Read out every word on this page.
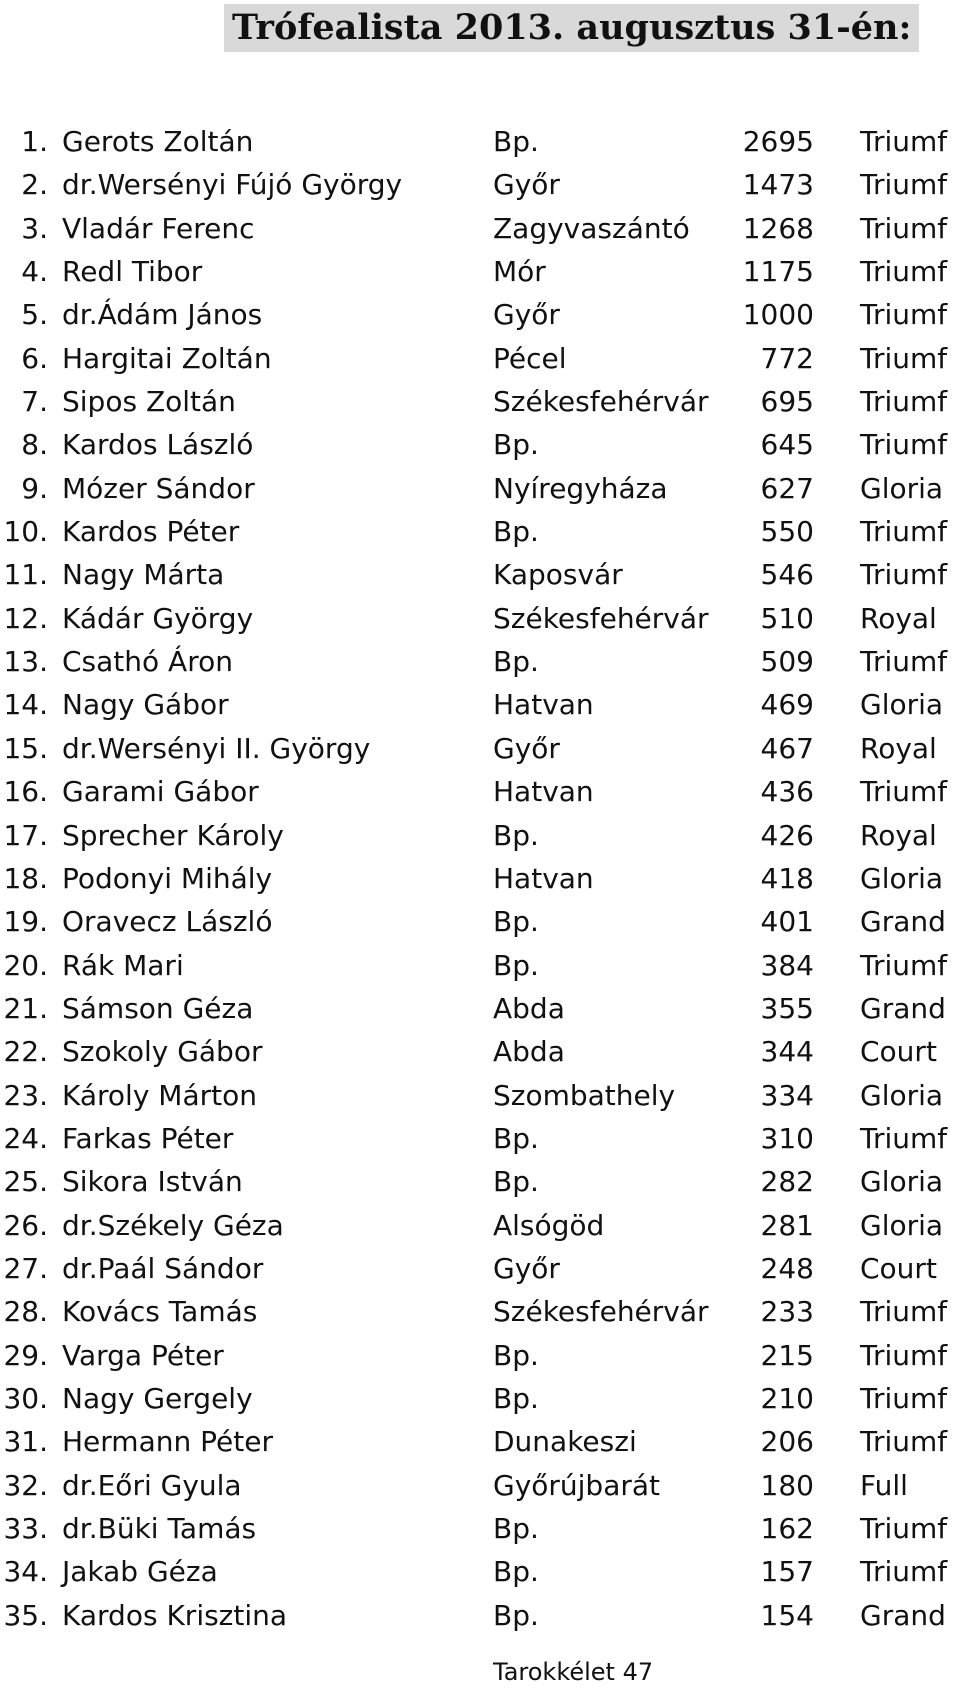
Trófealista 2013. augusztus 31-én:
1. Gerots Zoltán	Bp.	2695 Triumf
2. dr.Wersényi Fújó György	Győr	1473 Triumf
3. Vladár Ferenc	Zagyvaszántó	1268 Triumf
4. Redl Tibor	Mór	1175 Triumf
5. dr.Ádám János	Győr	1000 Triumf
6. Hargitai Zoltán	Pécel	772 Triumf
7. Sipos Zoltán	Székesfehérvár	695 Triumf
8. Kardos László	Bp.	645 Triumf
9. Mózer Sándor	Nyíregyháza	627 Gloria
10. Kardos Péter	Bp.	550 Triumf
11. Nagy Márta	Kaposvár	546 Triumf
12. Kádár György	Székesfehérvár	510 Royal
13. Csathó Áron	Bp.	509 Triumf
14. Nagy Gábor	Hatvan	469 Gloria
15. dr.Wersényi II. György	Győr	467 Royal
16. Garami Gábor	Hatvan	436 Triumf
17. Sprecher Károly	Bp.	426 Royal
18. Podonyi Mihály	Hatvan	418 Gloria
19. Oravecz László	Bp.	401 Grand
20. Rák Mari	Bp.	384 Triumf
21. Sámson Géza	Abda	355 Grand
22. Szokoly Gábor	Abda	344 Court
23. Károly Márton	Szombathely	334 Gloria
24. Farkas Péter	Bp.	310 Triumf
25. Sikora István	Bp.	282 Gloria
26. dr.Székely Géza	Alsógöd	281 Gloria
27. dr.Paál Sándor	Győr	248 Court
28. Kovács Tamás	Székesfehérvár	233 Triumf
29. Varga Péter	Bp.	215 Triumf
30. Nagy Gergely	Bp.	210 Triumf
31. Hermann Péter	Dunakeszi	206 Triumf
32. dr.Eőri Gyula	Győrújbarát	180 Full
33. dr.Büki Tamás	Bp.	162 Triumf
34. Jakab Géza	Bp.	157 Triumf
35. Kardos Krisztina	Bp.	154 Grand
Tarokkélet 47
